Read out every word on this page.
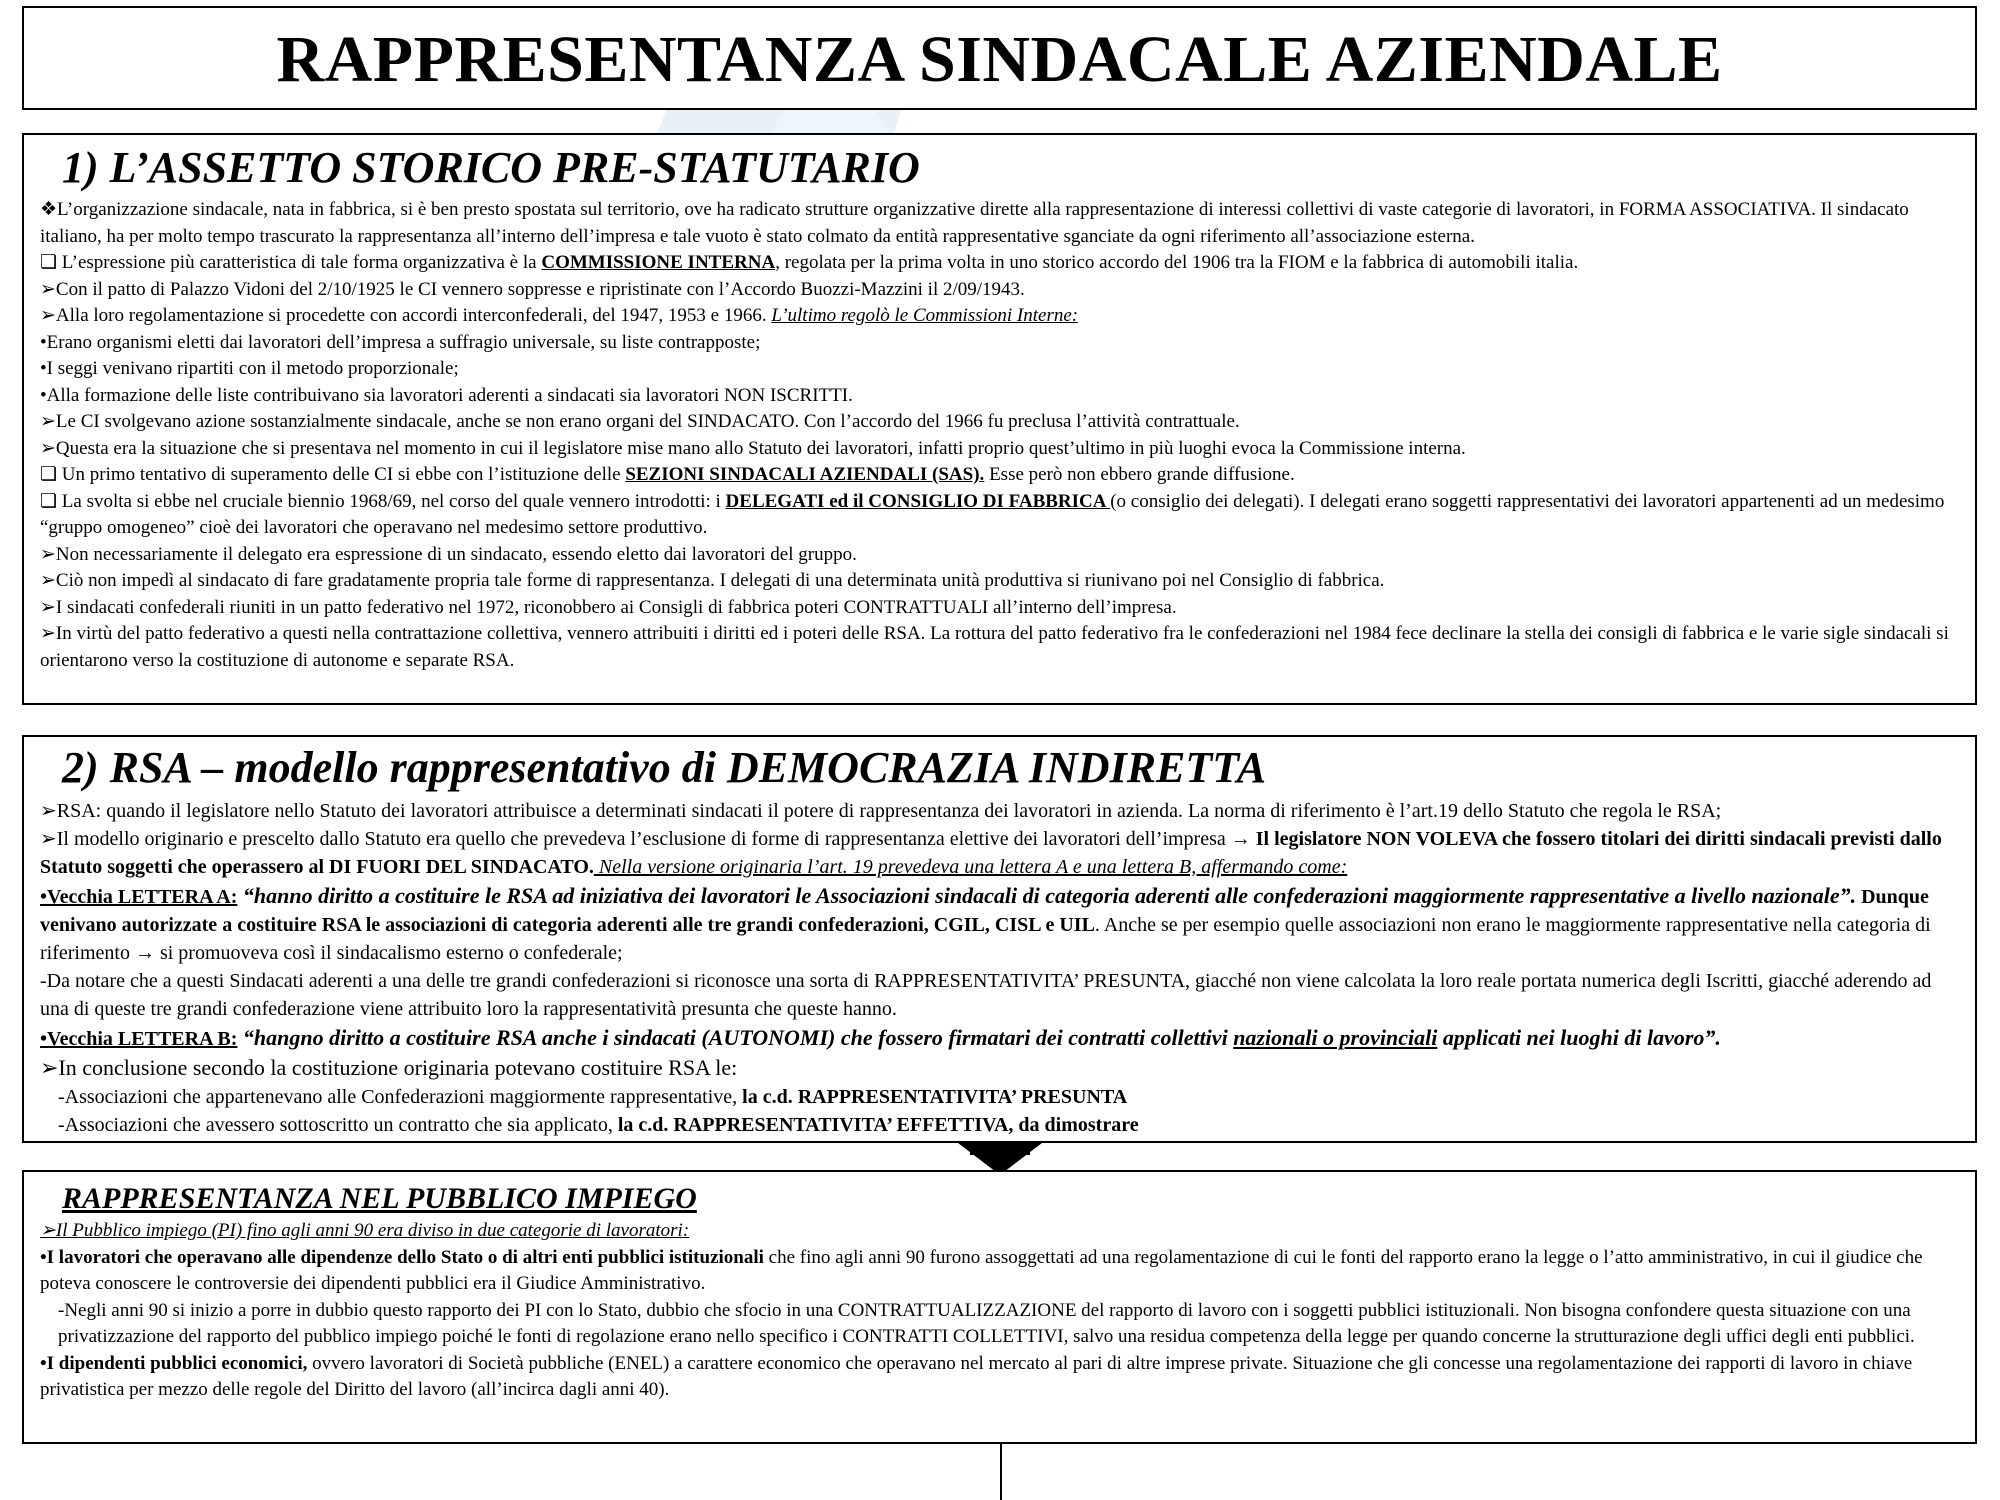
RAPPRESENTANZA SINDACALE AZIENDALE
1) L’ASSETTO STORICO PRE-STATUTARIO

❖L’organizzazione sindacale, nata in fabbrica, si è ben presto spostata sul territorio, ove ha radicato strutture organizzative dirette alla rappresentazione di interessi collettivi di vaste categorie di lavoratori, in FORMA ASSOCIATIVA. Il sindacato italiano, ha per molto tempo trascurato la rappresentanza all’interno dell’impresa e tale vuoto è stato colmato da entità rappresentative sganciate da ogni riferimento all’associazione esterna.

❏ L’espressione più caratteristica di tale forma organizzativa è la COMMISSIONE INTERNA, regolata per la prima volta in uno storico accordo del 1906 tra la FIOM e la fabbrica di automobili italia.

➢Con il patto di Palazzo Vidoni del 2/10/1925 le CI vennero soppresse e ripristinate con l’Accordo Buozzi-Mazzini il 2/09/1943.

➢Alla loro regolamentazione si procedette con accordi interconfederali, del 1947, 1953 e 1966. L’ultimo regolò le Commissioni Interne:

•Erano organismi eletti dai lavoratori dell’impresa a suffragio universale, su liste contrapposte;

•I seggi venivano ripartiti con il metodo proporzionale;

•Alla formazione delle liste contribuivano sia lavoratori aderenti a sindacati sia lavoratori NON ISCRITTI.

➢Le CI svolgevano azione sostanzialmente sindacale, anche se non erano organi del SINDACATO. Con l’accordo del 1966 fu preclusa l’attività contrattuale.

➢Questa era la situazione che si presentava nel momento in cui il legislatore mise mano allo Statuto dei lavoratori, infatti proprio quest’ultimo in più luoghi evoca la Commissione interna.

❏ Un primo tentativo di superamento delle CI si ebbe con l’istituzione delle SEZIONI SINDACALI AZIENDALI (SAS). Esse però non ebbero grande diffusione.

❏ La svolta si ebbe nel cruciale biennio 1968/69, nel corso del quale vennero introdotti: i DELEGATI ed il CONSIGLIO DI FABBRICA (o consiglio dei delegati). I delegati erano soggetti rappresentativi dei lavoratori appartenenti ad un medesimo “gruppo omogeneo” cioè dei lavoratori che operavano nel medesimo settore produttivo.

➢Non necessariamente il delegato era espressione di un sindacato, essendo eletto dai lavoratori del gruppo.

➢Ciò non impedì al sindacato di fare gradatamente propria tale forme di rappresentanza. I delegati di una determinata unità produttiva si riunivano poi nel Consiglio di fabbrica.

➢I sindacati confederali riuniti in un patto federativo nel 1972, riconobbero ai Consigli di fabbrica poteri CONTRATTUALI all’interno dell’impresa.

➢In virtù del patto federativo a questi nella contrattazione collettiva, vennero attribuiti i diritti ed i poteri delle RSA. La rottura del patto federativo fra le confederazioni nel 1984 fece declinare la stella dei consigli di fabbrica e le varie sigle sindacali si orientarono verso la costituzione di autonome e separate RSA.

2) RSA – modello rappresentativo di DEMOCRAZIA INDIRETTA

➢RSA: quando il legislatore nello Statuto dei lavoratori attribuisce a determinati sindacati il potere di rappresentanza dei lavoratori in azienda. La norma di riferimento è l’art.19 dello Statuto che regola le RSA;

➢Il modello originario e prescelto dallo Statuto era quello che prevedeva l’esclusione di forme di rappresentanza elettive dei lavoratori dell’impresa → Il legislatore NON VOLEVA che fossero titolari dei diritti sindacali previsti dallo Statuto soggetti che operassero al DI FUORI DEL SINDACATO. Nella versione originaria l’art. 19 prevedeva una lettera A e una lettera B, affermando come:

•Vecchia LETTERA A: “hanno diritto a costituire le RSA ad iniziativa dei lavoratori le Associazioni sindacali di categoria aderenti alle confederazioni maggiormente rappresentative a livello nazionale”. Dunque venivano autorizzate a costituire RSA le associazioni di categoria aderenti alle tre grandi confederazioni, CGIL, CISL e UIL. Anche se per esempio quelle associazioni non erano le maggiormente rappresentative nella categoria di riferimento → si promuoveva così il sindacalismo esterno o confederale;

-Da notare che a questi Sindacati aderenti a una delle tre grandi confederazioni si riconosce una sorta di RAPPRESENTATIVITA’ PRESUNTA, giacché non viene calcolata la loro reale portata numerica degli Iscritti, giacché aderendo ad una di queste tre grandi confederazione viene attribuito loro la rappresentatività presunta che queste hanno.

•Vecchia LETTERA B: “hangno diritto a costituire RSA anche i sindacati (AUTONOMI) che fossero firmatari dei contratti collettivi nazionali o provinciali applicati nei luoghi di lavoro”.

➢In conclusione secondo la costituzione originaria potevano costituire RSA le:

-Associazioni che appartenevano alle Confederazioni maggiormente rappresentative, la c.d. RAPPRESENTATIVITA’ PRESUNTA

-Associazioni che avessero sottoscritto un contratto che sia applicato, la c.d. RAPPRESENTATIVITA’ EFFETTIVA, da dimostrare

RAPPRESENTANZA NEL PUBBLICO IMPIEGO

➢Il Pubblico impiego (PI) fino agli anni 90 era diviso in due categorie di lavoratori:

•I lavoratori che operavano alle dipendenze dello Stato o di altri enti pubblici istituzionali che fino agli anni 90 furono assoggettati ad una regolamentazione di cui le fonti del rapporto erano la legge o l’atto amministrativo, in cui il giudice che poteva conoscere le controversie dei dipendenti pubblici era il Giudice Amministrativo.

-Negli anni 90 si inizio a porre in dubbio questo rapporto dei PI con lo Stato, dubbio che sfocio in una CONTRATTUALIZZAZIONE del rapporto di lavoro con i soggetti pubblici istituzionali. Non bisogna confondere questa situazione con una privatizzazione del rapporto del pubblico impiego poiché le fonti di regolazione erano nello specifico i CONTRATTI COLLETTIVI, salvo una residua competenza della legge per quando concerne la strutturazione degli uffici degli enti pubblici.

•I dipendenti pubblici economici, ovvero lavoratori di Società pubbliche (ENEL) a carattere economico che operavano nel mercato al pari di altre imprese private. Situazione che gli concesse una regolamentazione dei rapporti di lavoro in chiave privatistica per mezzo delle regole del Diritto del lavoro (all’incirca dagli anni 40).
